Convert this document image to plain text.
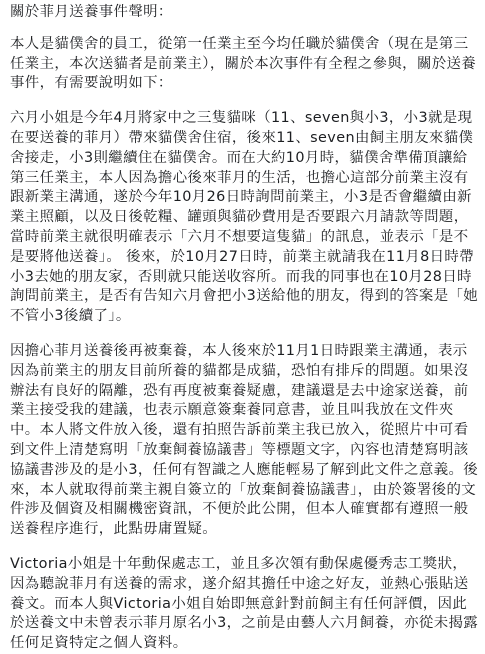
關於菲月送養事件聲明：

本人是貓僕舍的員工，從第一任業主至今均任職於貓僕舍（現在是第三任業主，本次送貓者是前業主），關於本次事件有全程之參與，關於送養事件，有需要說明如下：

六月小姐是今年4月將家中之三隻貓咪（11、seven與小3，小3就是現在要送養的菲月）帶來貓僕舍住宿，後來11、seven由飼主朋友來貓僕舍接走，小3則繼續住在貓僕舍。而在大約10月時，貓僕舍準備頂讓給第三任業主，本人因為擔心後來菲月的生活，也擔心這部分前業主沒有跟新業主溝通，遂於今年10月26日時詢問前業主，小3是否會繼續由新業主照顧，以及日後乾糧、罐頭與貓砂費用是否要跟六月請款等問題，當時前業主就很明確表示「六月不想要這隻貓」的訊息，並表示「是不是要將他送養」。 後來，於10月27日時，前業主就請我在11月8日時帶小3去她的朋友家，否則就只能送收容所。而我的同事也在10月28日時詢問前業主，是否有告知六月會把小3送給他的朋友，得到的答案是「她不管小3後續了」。

因擔心菲月送養後再被棄養，本人後來於11月1日時跟業主溝通，表示因為前業主的朋友目前所養的貓都是成貓，恐怕有排斥的問題。如果沒辦法有良好的隔離，恐有再度被棄養疑慮，建議還是去中途家送養，前業主接受我的建議，也表示願意簽棄養同意書，並且叫我放在文件夾中。本人將文件放入後，還有拍照告訴前業主我已放入，從照片中可看到文件上清楚寫明「放棄飼養協議書」等標題文字，內容也清楚寫明該協議書涉及的是小3，任何有智識之人應能輕易了解到此文件之意義。後來，本人就取得前業主親自簽立的「放棄飼養協議書」，由於簽署後的文件涉及個資及相關機密資訊，不便於此公開，但本人確實都有遵照一般送養程序進行，此點毋庸置疑。

Victoria小姐是十年動保處志工，並且多次領有動保處優秀志工獎狀，因為聽說菲月有送養的需求，遂介紹其擔任中途之好友，並熱心張貼送養文。而本人與Victoria小姐自始即無意針對前飼主有任何評價，因此於送養文中未曾表示菲月原名小3，之前是由藝人六月飼養，亦從未揭露任何足資特定之個人資料。
